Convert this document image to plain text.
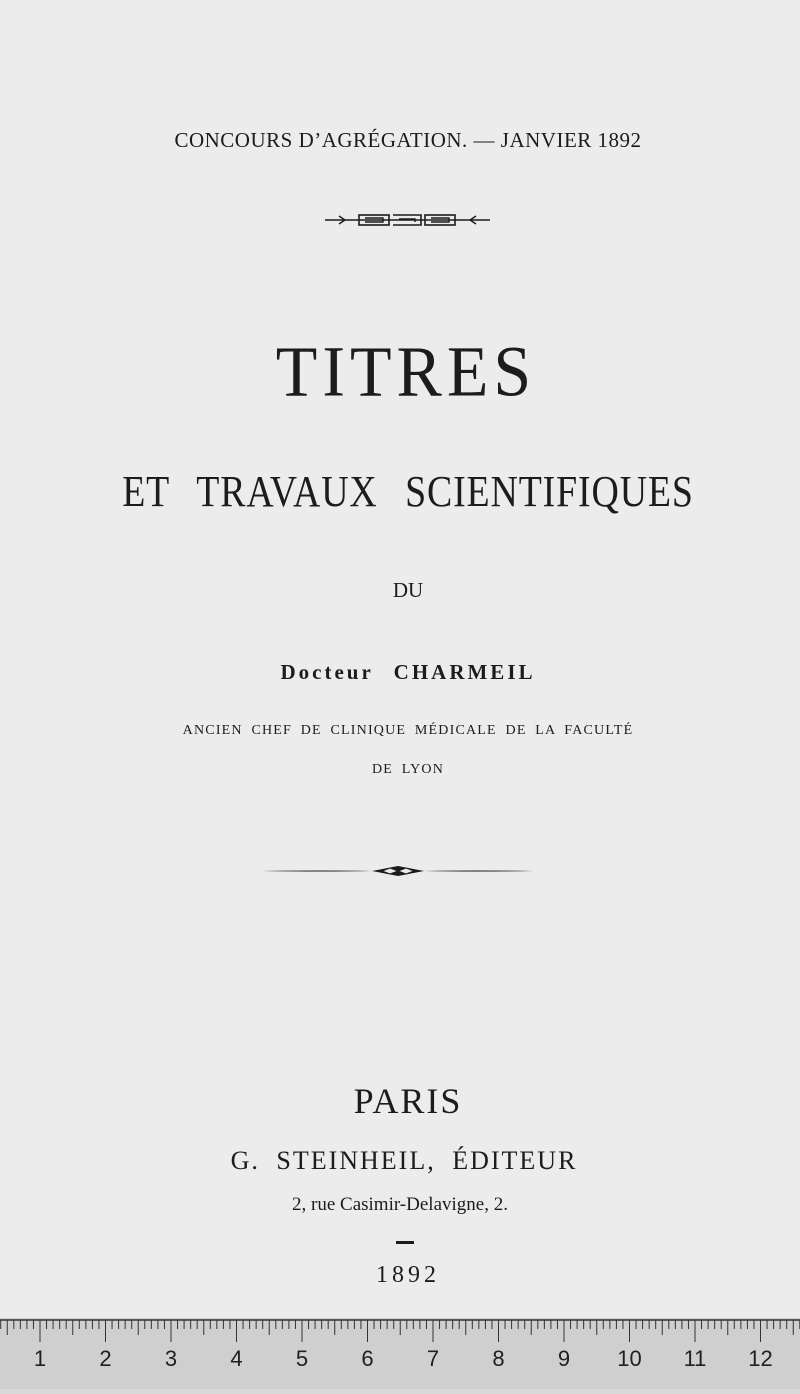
CONCOURS D’AGRÉGATION. — JANVIER 1892
TITRES
ET TRAVAUX SCIENTIFIQUES
DU
Docteur CHARMEIL
ANCIEN CHEF DE CLINIQUE MÉDICALE DE LA FACULTÉ
DE LYON
PARIS
G. STEINHEIL, ÉDITEUR
2, rue Casimir-Delavigne, 2.
1892
1 2 3 4 5 6 7 8 9 10 11 12
